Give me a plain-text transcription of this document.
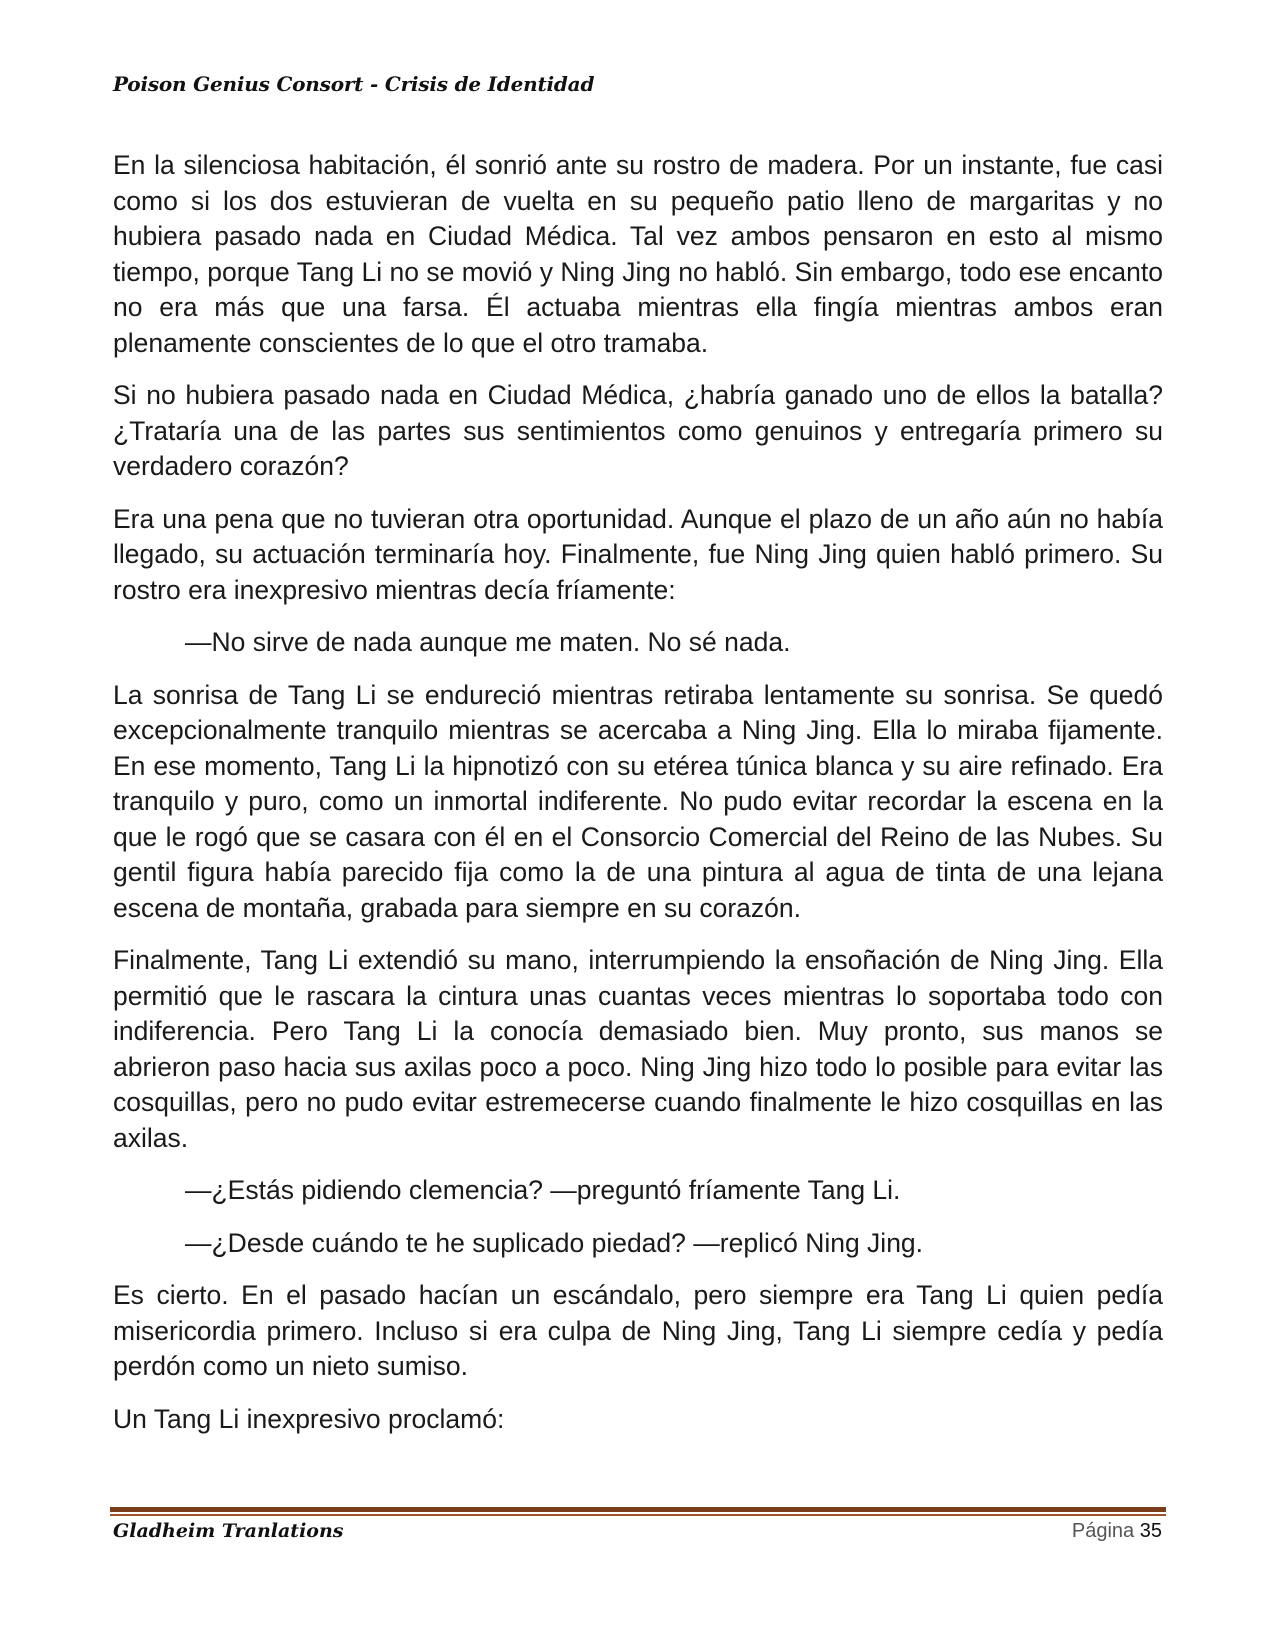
Poison Genius Consort - Crisis de Identidad

En la silenciosa habitación, él sonrió ante su rostro de madera. Por un instante, fue casi como si los dos estuvieran de vuelta en su pequeño patio lleno de margaritas y no hubiera pasado nada en Ciudad Médica. Tal vez ambos pensaron en esto al mismo tiempo, porque Tang Li no se movió y Ning Jing no habló. Sin embargo, todo ese encanto no era más que una farsa. Él actuaba mientras ella fingía mientras ambos eran plenamente conscientes de lo que el otro tramaba.

Si no hubiera pasado nada en Ciudad Médica, ¿habría ganado uno de ellos la batalla? ¿Trataría una de las partes sus sentimientos como genuinos y entregaría primero su verdadero corazón?

Era una pena que no tuvieran otra oportunidad. Aunque el plazo de un año aún no había llegado, su actuación terminaría hoy. Finalmente, fue Ning Jing quien habló primero. Su rostro era inexpresivo mientras decía fríamente:

—No sirve de nada aunque me maten. No sé nada.

La sonrisa de Tang Li se endureció mientras retiraba lentamente su sonrisa. Se quedó excepcionalmente tranquilo mientras se acercaba a Ning Jing. Ella lo miraba fijamente. En ese momento, Tang Li la hipnotizó con su etérea túnica blanca y su aire refinado. Era tranquilo y puro, como un inmortal indiferente. No pudo evitar recordar la escena en la que le rogó que se casara con él en el Consorcio Comercial del Reino de las Nubes. Su gentil figura había parecido fija como la de una pintura al agua de tinta de una lejana escena de montaña, grabada para siempre en su corazón.

Finalmente, Tang Li extendió su mano, interrumpiendo la ensoñación de Ning Jing. Ella permitió que le rascara la cintura unas cuantas veces mientras lo soportaba todo con indiferencia. Pero Tang Li la conocía demasiado bien. Muy pronto, sus manos se abrieron paso hacia sus axilas poco a poco. Ning Jing hizo todo lo posible para evitar las cosquillas, pero no pudo evitar estremecerse cuando finalmente le hizo cosquillas en las axilas.

—¿Estás pidiendo clemencia? —preguntó fríamente Tang Li.

—¿Desde cuándo te he suplicado piedad? —replicó Ning Jing.

Es cierto. En el pasado hacían un escándalo, pero siempre era Tang Li quien pedía misericordia primero. Incluso si era culpa de Ning Jing, Tang Li siempre cedía y pedía perdón como un nieto sumiso.

Un Tang Li inexpresivo proclamó:

Gladheim Tranlations	Página 35
